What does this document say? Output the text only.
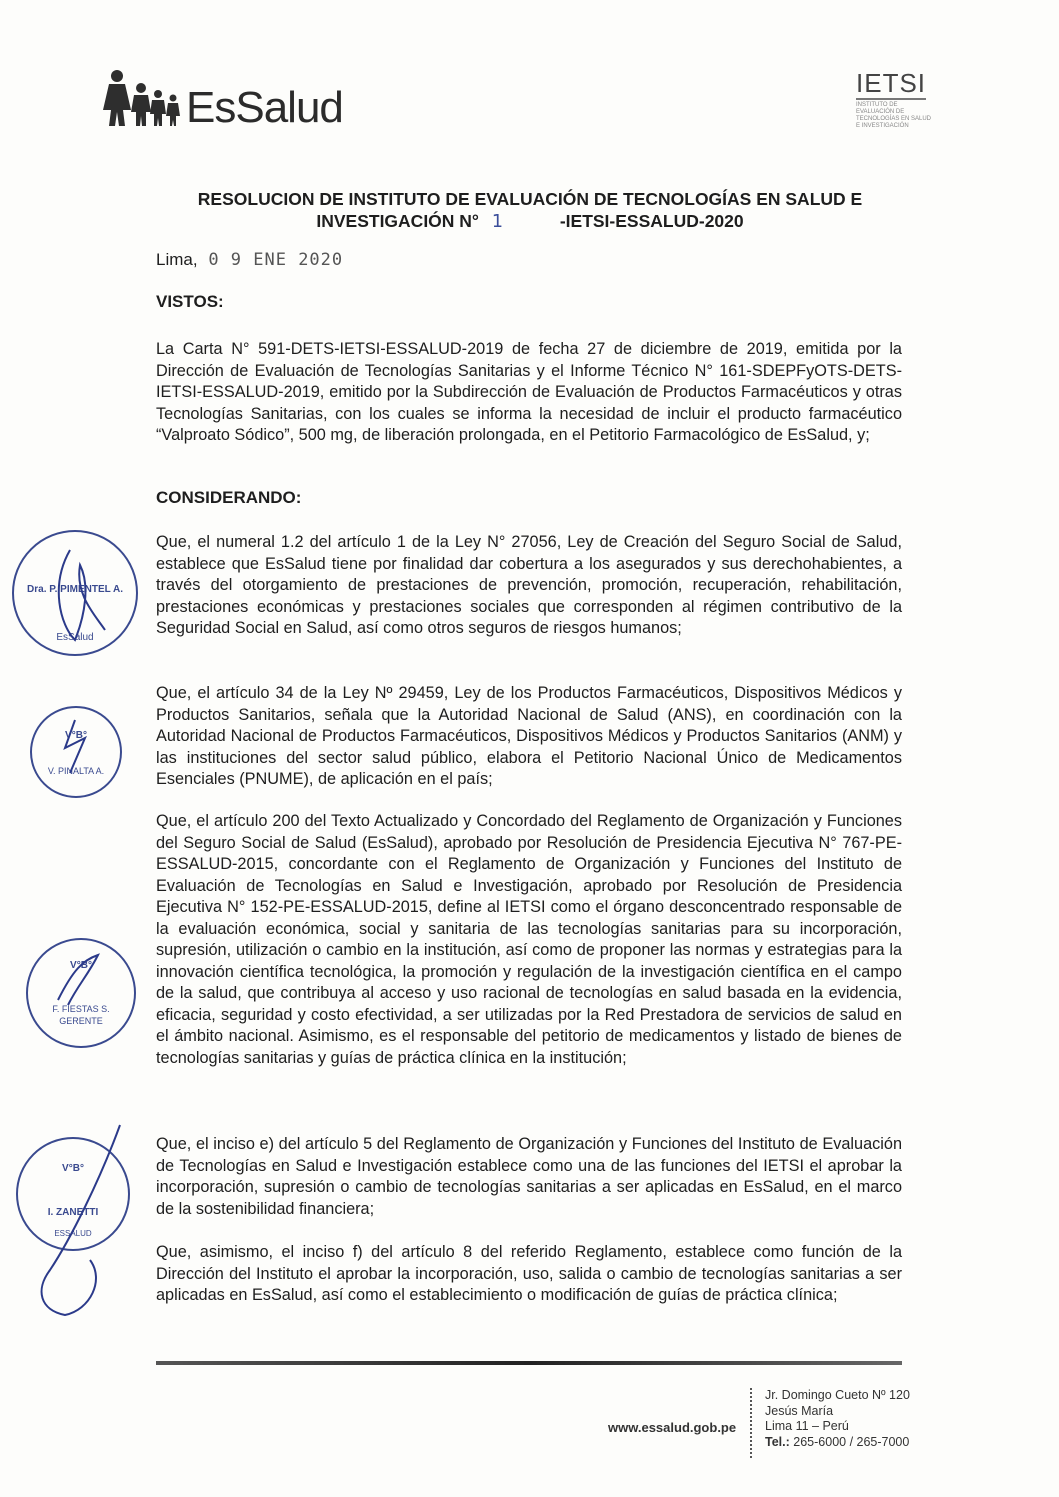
EsSalud	IETSI
INSTITUTO DE EVALUACIÓN DE TECNOLOGÍAS EN SALUD E INVESTIGACIÓN
RESOLUCION DE INSTITUTO DE EVALUACIÓN DE TECNOLOGÍAS EN SALUD E
INVESTIGACIÓN N° 1	-IETSI-ESSALUD-2020
Lima, 0 9 ENE 2020
VISTOS:
La Carta N° 591-DETS-IETSI-ESSALUD-2019 de fecha 27 de diciembre de 2019, emitida por la Dirección de Evaluación de Tecnologías Sanitarias y el Informe Técnico N° 161-SDEPFyOTS-DETS-IETSI-ESSALUD-2019, emitido por la Subdirección de Evaluación de Productos Farmacéuticos y otras Tecnologías Sanitarias, con los cuales se informa la necesidad de incluir el producto farmacéutico “Valproato Sódico”, 500 mg, de liberación prolongada, en el Petitorio Farmacológico de EsSalud, y;
CONSIDERANDO:
Que, el numeral 1.2 del artículo 1 de la Ley N° 27056, Ley de Creación del Seguro Social de Salud, establece que EsSalud tiene por finalidad dar cobertura a los asegurados y sus derechohabientes, a través del otorgamiento de prestaciones de prevención, promoción, recuperación, rehabilitación, prestaciones económicas y prestaciones sociales que corresponden al régimen contributivo de la Seguridad Social en Salud, así como otros seguros de riesgos humanos;
Que, el artículo 34 de la Ley Nº 29459, Ley de los Productos Farmacéuticos, Dispositivos Médicos y Productos Sanitarios, señala que la Autoridad Nacional de Salud (ANS), en coordinación con la Autoridad Nacional de Productos Farmacéuticos, Dispositivos Médicos y Productos Sanitarios (ANM) y las instituciones del sector salud público, elabora el Petitorio Nacional Único de Medicamentos Esenciales (PNUME), de aplicación en el país;
Que, el artículo 200 del Texto Actualizado y Concordado del Reglamento de Organización y Funciones del Seguro Social de Salud (EsSalud), aprobado por Resolución de Presidencia Ejecutiva N° 767-PE-ESSALUD-2015, concordante con el Reglamento de Organización y Funciones del Instituto de Evaluación de Tecnologías en Salud e Investigación, aprobado por Resolución de Presidencia Ejecutiva N° 152-PE-ESSALUD-2015, define al IETSI como el órgano desconcentrado responsable de la evaluación económica, social y sanitaria de las tecnologías sanitarias para su incorporación, supresión, utilización o cambio en la institución, así como de proponer las normas y estrategias para la innovación científica tecnológica, la promoción y regulación de la investigación científica en el campo de la salud, que contribuya al acceso y uso racional de tecnologías en salud basada en la evidencia, eficacia, seguridad y costo efectividad, a ser utilizadas por la Red Prestadora de servicios de salud en el ámbito nacional. Asimismo, es el responsable del petitorio de medicamentos y listado de bienes de tecnologías sanitarias y guías de práctica clínica en la institución;
Que, el inciso e) del artículo 5 del Reglamento de Organización y Funciones del Instituto de Evaluación de Tecnologías en Salud e Investigación establece como una de las funciones del IETSI el aprobar la incorporación, supresión o cambio de tecnologías sanitarias a ser aplicadas en EsSalud, en el marco de la sostenibilidad financiera;
Que, asimismo, el inciso f) del artículo 8 del referido Reglamento, establece como función de la Dirección del Instituto el aprobar la incorporación, uso, salida o cambio de tecnologías sanitarias a ser aplicadas en EsSalud, así como el establecimiento o modificación de guías de práctica clínica;
Dra. P. PIMENTEL A.
EsSalud
V°B°
V. PINALTA A.
V°B°
F. FIESTAS S.
GERENTE
V°B°
I. ZANETTI
ESSALUD
www.essalud.gob.pe
Jr. Domingo Cueto Nº 120
Jesús María
Lima 11 – Perú
Tel.: 265-6000 / 265-7000
